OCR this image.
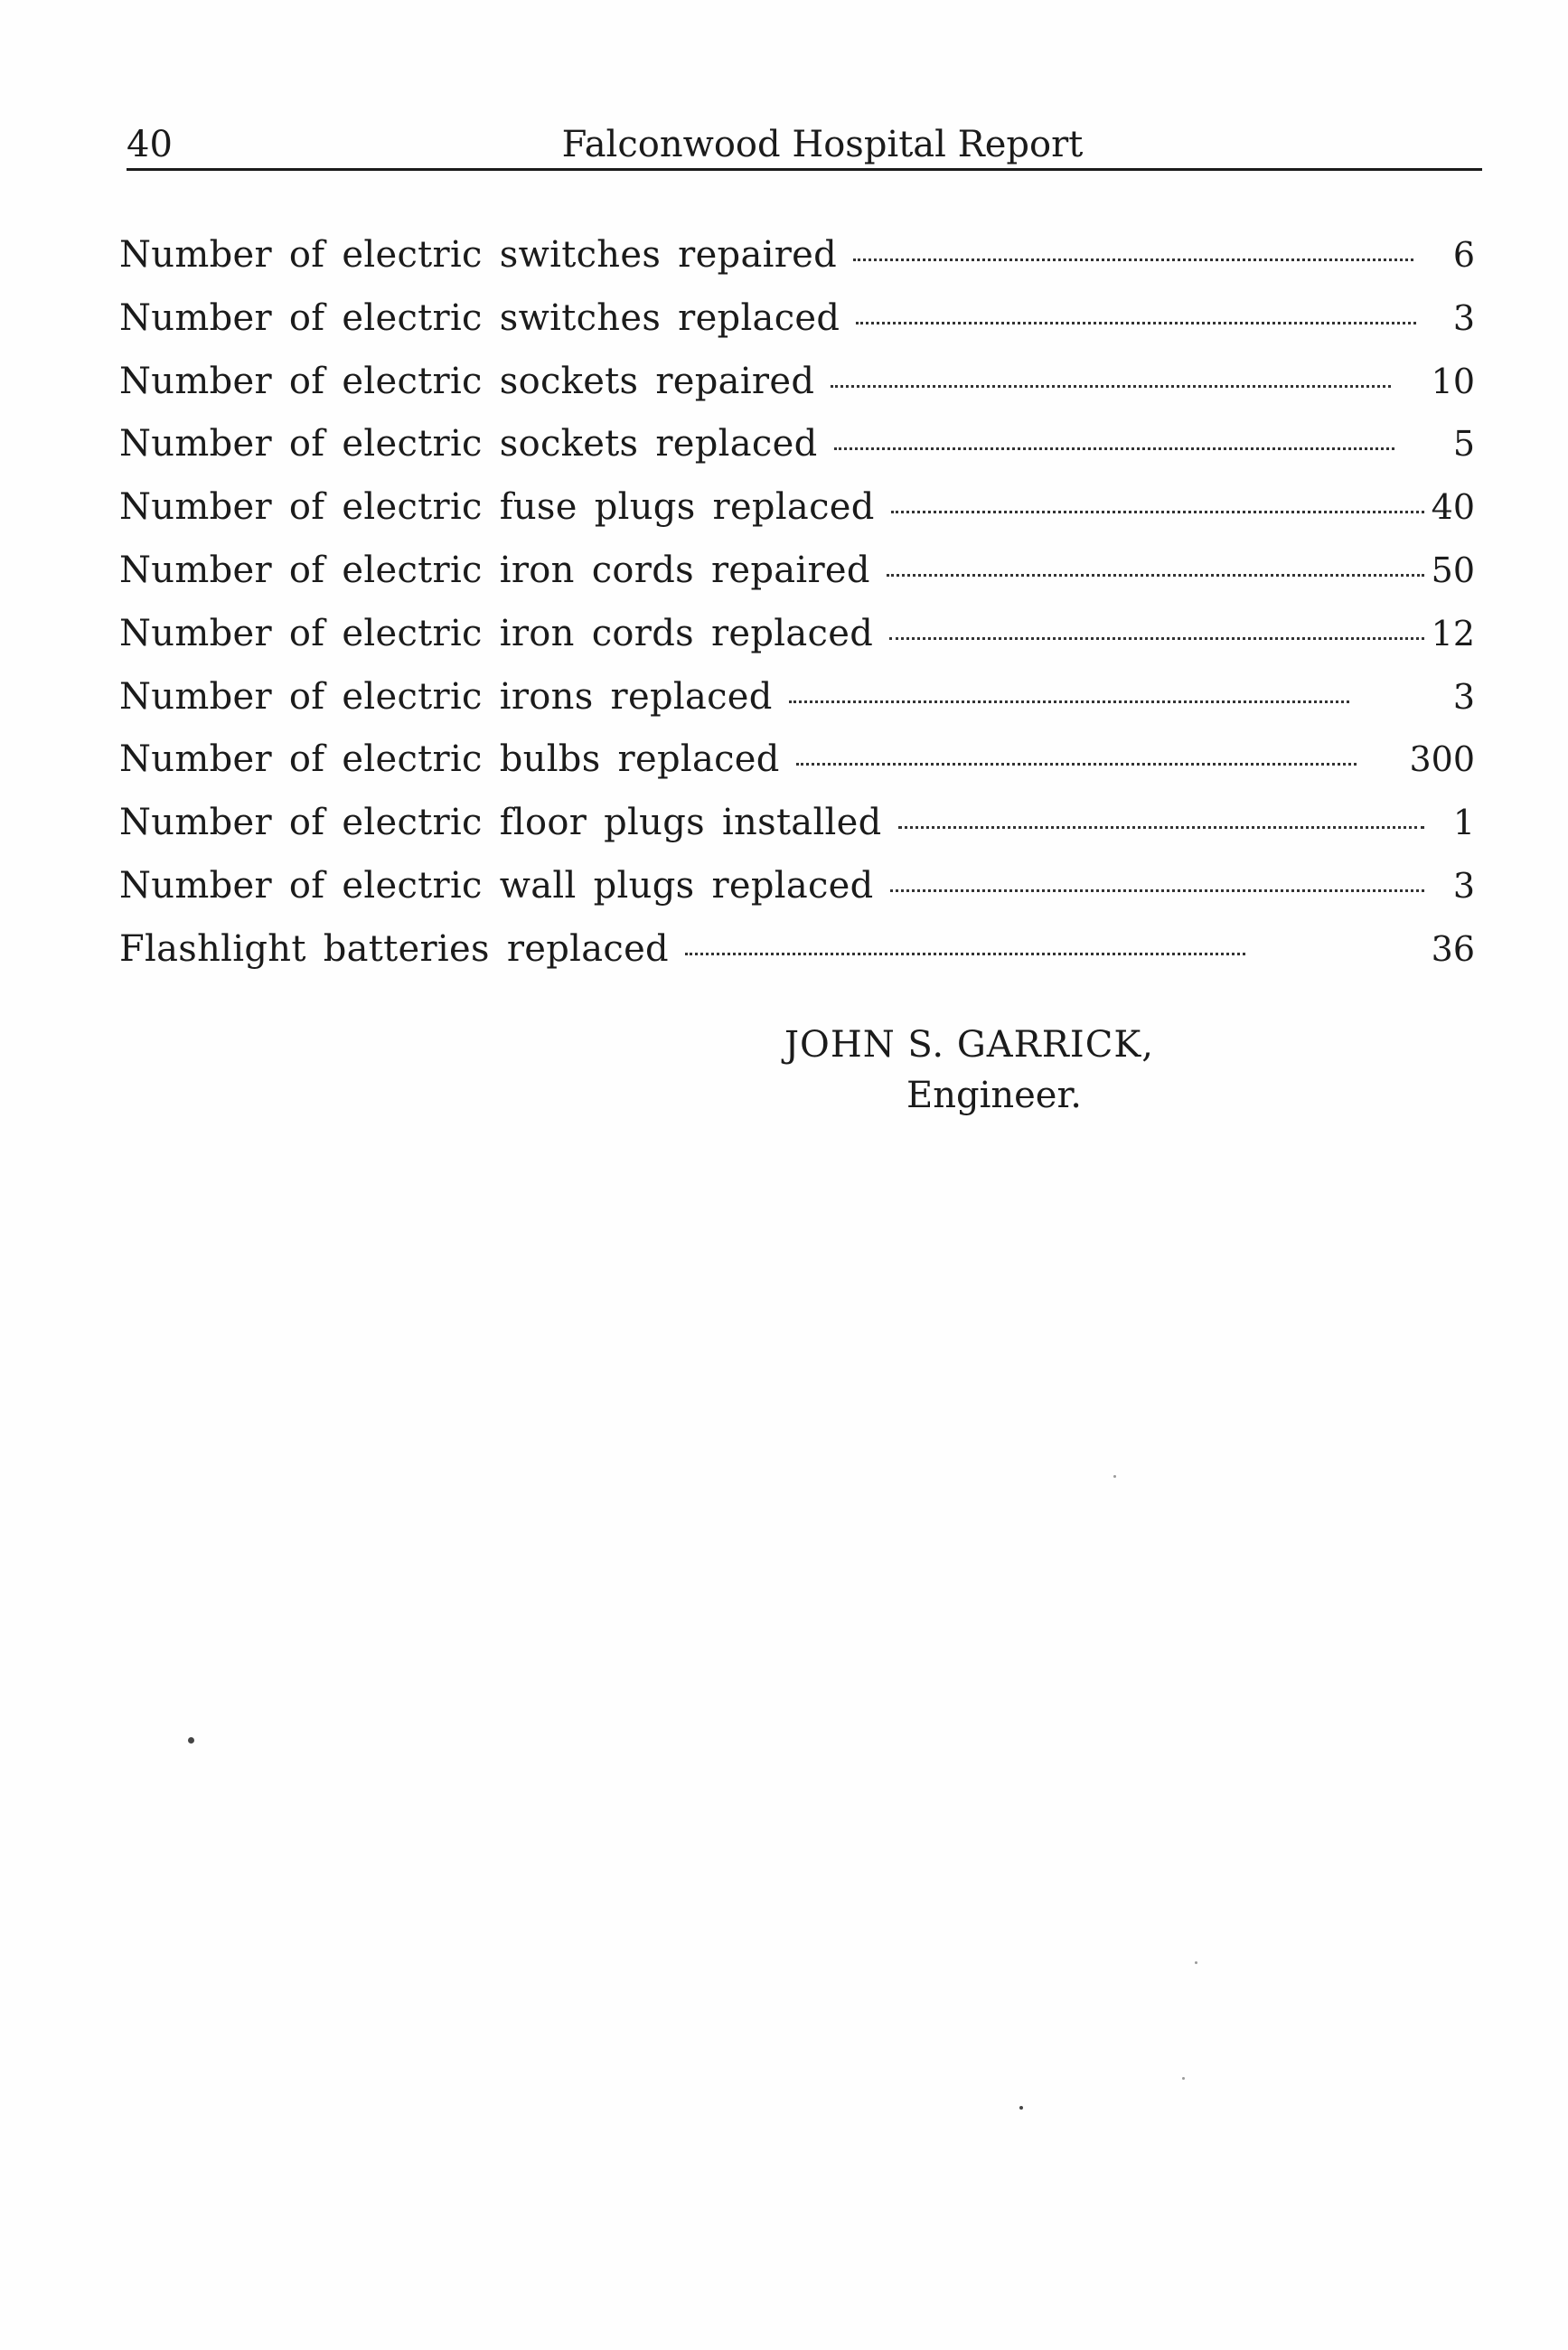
40	Falconwood Hospital Report
Number of electric switches repaired	6
Number of electric switches replaced	3
Number of electric sockets repaired	10
Number of electric sockets replaced	5
Number of electric fuse plugs replaced	40
Number of electric iron cords repaired	50
Number of electric iron cords replaced	12
Number of electric irons replaced	3
Number of electric bulbs replaced	300
Number of electric floor plugs installed	1
Number of electric wall plugs replaced	3
Flashlight batteries replaced	36
JOHN S. GARRICK,
Engineer.
